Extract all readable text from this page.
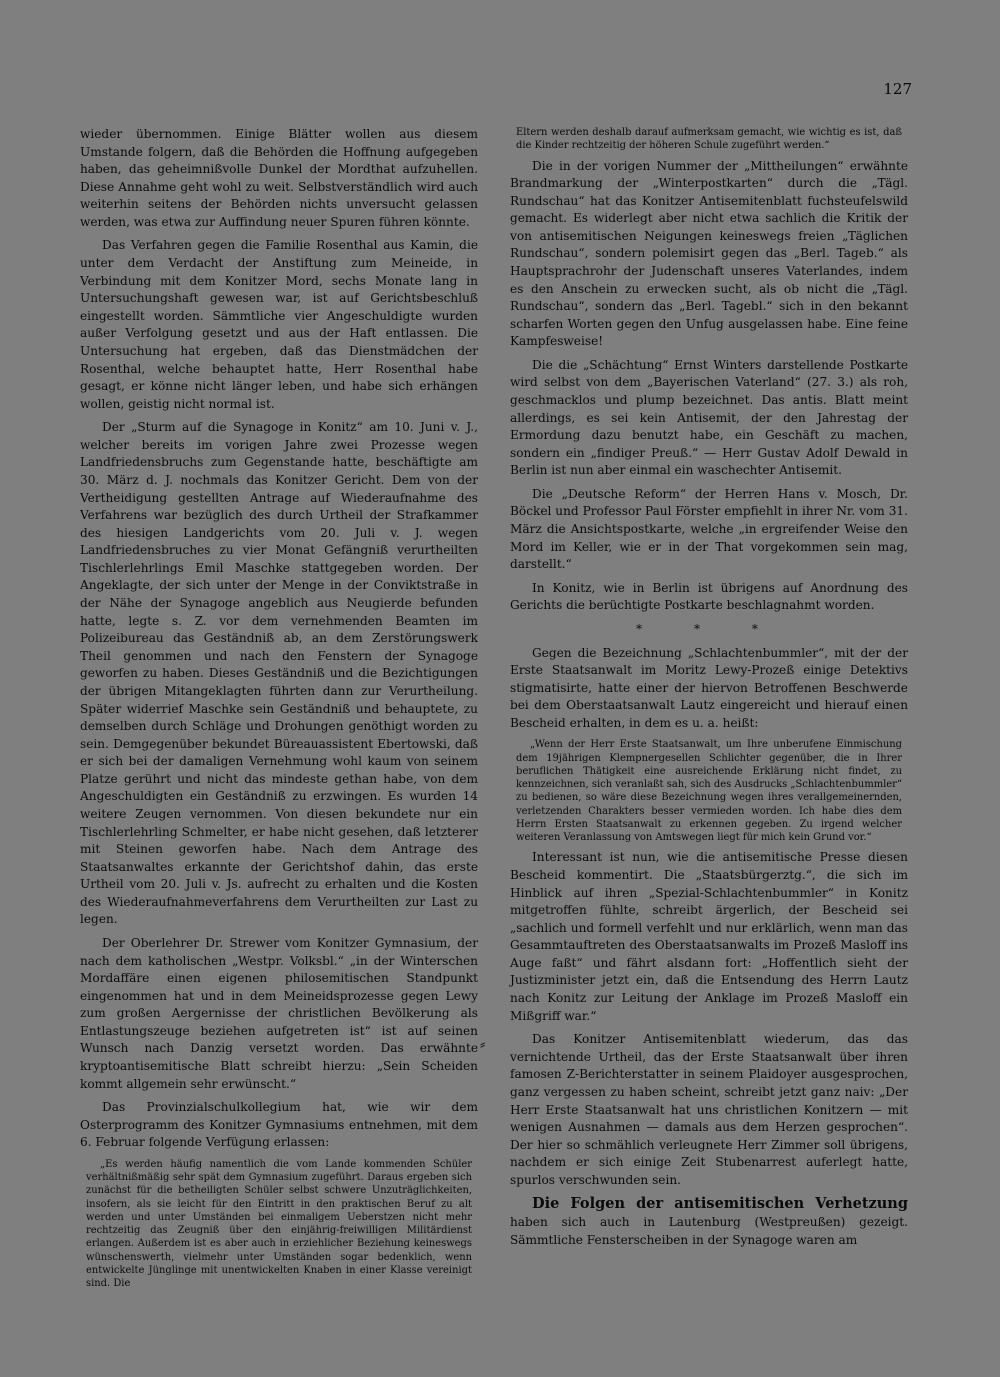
127

wieder übernommen. Einige Blätter wollen aus diesem Umstande folgern, daß die Behörden die Hoffnung aufgegeben haben, das geheimnißvolle Dunkel der Mordthat aufzuhellen. Diese Annahme geht wohl zu weit. Selbstverständlich wird auch weiterhin seitens der Behörden nichts unversucht gelassen werden, was etwa zur Auffindung neuer Spuren führen könnte.

Das Verfahren gegen die Familie Rosenthal aus Kamin, die unter dem Verdacht der Anstiftung zum Meineide, in Verbindung mit dem Konitzer Mord, sechs Monate lang in Untersuchungshaft gewesen war, ist auf Gerichtsbeschluß eingestellt worden. Sämmtliche vier Angeschuldigte wurden außer Verfolgung gesetzt und aus der Haft entlassen. Die Untersuchung hat ergeben, daß das Dienstmädchen der Rosenthal, welche behauptet hatte, Herr Rosenthal habe gesagt, er könne nicht länger leben, und habe sich erhängen wollen, geistig nicht normal ist.

Der „Sturm auf die Synagoge in Konitz“ am 10. Juni v. J., welcher bereits im vorigen Jahre zwei Prozesse wegen Landfriedensbruchs zum Gegenstande hatte, beschäftigte am 30. März d. J. nochmals das Konitzer Gericht. Dem von der Vertheidigung gestellten Antrage auf Wiederaufnahme des Verfahrens war bezüglich des durch Urtheil der Strafkammer des hiesigen Landgerichts vom 20. Juli v. J. wegen Landfriedensbruches zu vier Monat Gefängniß verurtheilten Tischlerlehrlings Emil Maschke stattgegeben worden. Der Angeklagte, der sich unter der Menge in der Conviktstraße in der Nähe der Synagoge angeblich aus Neugierde befunden hatte, legte s. Z. vor dem vernehmenden Beamten im Polizeibureau das Geständniß ab, an dem Zerstörungswerk Theil genommen und nach den Fenstern der Synagoge geworfen zu haben. Dieses Geständniß und die Bezichtigungen der übrigen Mitangeklagten führten dann zur Verurtheilung. Später widerrief Maschke sein Geständniß und behauptete, zu demselben durch Schläge und Drohungen genöthigt worden zu sein. Demgegenüber bekundet Büreauassistent Ebertowski, daß er sich bei der damaligen Vernehmung wohl kaum von seinem Platze gerührt und nicht das mindeste gethan habe, von dem Angeschuldigten ein Geständniß zu erzwingen. Es wurden 14 weitere Zeugen vernommen. Von diesen bekundete nur ein Tischlerlehrling Schmelter, er habe nicht gesehen, daß letzterer mit Steinen geworfen habe. Nach dem Antrage des Staatsanwaltes erkannte der Gerichtshof dahin, das erste Urtheil vom 20. Juli v. Js. aufrecht zu erhalten und die Kosten des Wiederaufnahmeverfahrens dem Verurtheilten zur Last zu legen.

Der Oberlehrer Dr. Strewer vom Konitzer Gymnasium, der nach dem katholischen „Westpr. Volksbl.“ „in der Winterschen Mordaffäre einen eigenen philosemitischen Standpunkt eingenommen hat und in dem Meineidsprozesse gegen Lewy zum großen Aergernisse der christlichen Bevölkerung als Entlastungszeuge beziehen aufgetreten ist“ ist auf seinen Wunsch nach Danzig versetzt worden. Das erwähnte kryptoantisemitische Blatt schreibt hierzu: „Sein Scheiden kommt allgemein sehr erwünscht.“

Das Provinzialschulkollegium hat, wie wir dem Osterprogramm des Konitzer Gymnasiums entnehmen, mit dem 6. Februar folgende Verfügung erlassen:

„Es werden häufig namentlich die vom Lande kommenden Schüler verhältnißmäßig sehr spät dem Gymnasium zugeführt. Daraus ergeben sich zunächst für die betheiligten Schüler selbst schwere Unzuträglichkeiten, insofern, als sie leicht für den Eintritt in den praktischen Beruf zu alt werden und unter Umständen bei einmaligem Ueberstzen nicht mehr rechtzeitig das Zeugniß über den einjährig-freiwilligen Militärdienst erlangen. Außerdem ist es aber auch in erziehlicher Beziehung keineswegs wünschenswerth, vielmehr unter Umständen sogar bedenklich, wenn entwickelte Jünglinge mit unentwickelten Knaben in einer Klasse vereinigt sind. Die

Eltern werden deshalb darauf aufmerksam gemacht, wie wichtig es ist, daß die Kinder rechtzeitig der höheren Schule zugeführt werden.“

Die in der vorigen Nummer der „Mittheilungen“ erwähnte Brandmarkung der „Winterpostkarten“ durch die „Tägl. Rundschau“ hat das Konitzer Antisemitenblatt fuchsteufelswild gemacht. Es widerlegt aber nicht etwa sachlich die Kritik der von antisemitischen Neigungen keineswegs freien „Täglichen Rundschau“, sondern polemisirt gegen das „Berl. Tageb.“ als Hauptsprachrohr der Judenschaft unseres Vaterlandes, indem es den Anschein zu erwecken sucht, als ob nicht die „Tägl. Rundschau“, sondern das „Berl. Tagebl.“ sich in den bekannt scharfen Worten gegen den Unfug ausgelassen habe. Eine feine Kampfesweise!

Die die „Schächtung“ Ernst Winters darstellende Postkarte wird selbst von dem „Bayerischen Vaterland“ (27. 3.) als roh, geschmacklos und plump bezeichnet. Das antis. Blatt meint allerdings, es sei kein Antisemit, der den Jahrestag der Ermordung dazu benutzt habe, ein Geschäft zu machen, sondern ein „findiger Preuß.“ — Herr Gustav Adolf Dewald in Berlin ist nun aber einmal ein waschechter Antisemit.

Die „Deutsche Reform“ der Herren Hans v. Mosch, Dr. Böckel und Professor Paul Förster empfiehlt in ihrer Nr. vom 31. März die Ansichtspostkarte, welche „in ergreifender Weise den Mord im Keller, wie er in der That vorgekommen sein mag, darstellt.“

In Konitz, wie in Berlin ist übrigens auf Anordnung des Gerichts die berüchtigte Postkarte beschlagnahmt worden.

* * *

Gegen die Bezeichnung „Schlachtenbummler“, mit der der Erste Staatsanwalt im Moritz Lewy-Prozeß einige Detektivs stigmatisirte, hatte einer der hiervon Betroffenen Beschwerde bei dem Oberstaatsanwalt Lautz eingereicht und hierauf einen Bescheid erhalten, in dem es u. a. heißt:

„Wenn der Herr Erste Staatsanwalt, um Ihre unberufene Einmischung dem 19jährigen Klempnergesellen Schlichter gegenüber, die in Ihrer beruflichen Thätigkeit eine ausreichende Erklärung nicht findet, zu kennzeichnen, sich veranlaßt sah, sich des Ausdrucks „Schlachtenbummler“ zu bedienen, so wäre diese Bezeichnung wegen ihres verallgemeinernden, verletzenden Charakters besser vermieden worden. Ich habe dies dem Herrn Ersten Staatsanwalt zu erkennen gegeben. Zu irgend welcher weiteren Veranlassung von Amtswegen liegt für mich kein Grund vor.“

Interessant ist nun, wie die antisemitische Presse diesen Bescheid kommentirt. Die „Staatsbürgerztg.“, die sich im Hinblick auf ihren „Spezial-Schlachtenbummler“ in Konitz mitgetroffen fühlte, schreibt ärgerlich, der Bescheid sei „sachlich und formell verfehlt und nur erklärlich, wenn man das Gesammtauftreten des Oberstaatsanwalts im Prozeß Masloff ins Auge faßt“ und fährt alsdann fort: „Hoffentlich sieht der Justizminister jetzt ein, daß die Entsendung des Herrn Lautz nach Konitz zur Leitung der Anklage im Prozeß Masloff ein Mißgriff war.“

Das Konitzer Antisemitenblatt wiederum, das das vernichtende Urtheil, das der Erste Staatsanwalt über ihren famosen Z-Berichterstatter in seinem Plaidoyer ausgesprochen, ganz vergessen zu haben scheint, schreibt jetzt ganz naiv: „Der Herr Erste Staatsanwalt hat uns christlichen Konitzern — mit wenigen Ausnahmen — damals aus dem Herzen gesprochen“. Der hier so schmählich verleugnete Herr Zimmer soll übrigens, nachdem er sich einige Zeit Stubenarrest auferlegt hatte, spurlos verschwunden sein.

Die Folgen der antisemitischen Verhetzung haben sich auch in Lautenburg (Westpreußen) gezeigt. Sämmtliche Fensterscheiben in der Synagoge waren am

⸗
